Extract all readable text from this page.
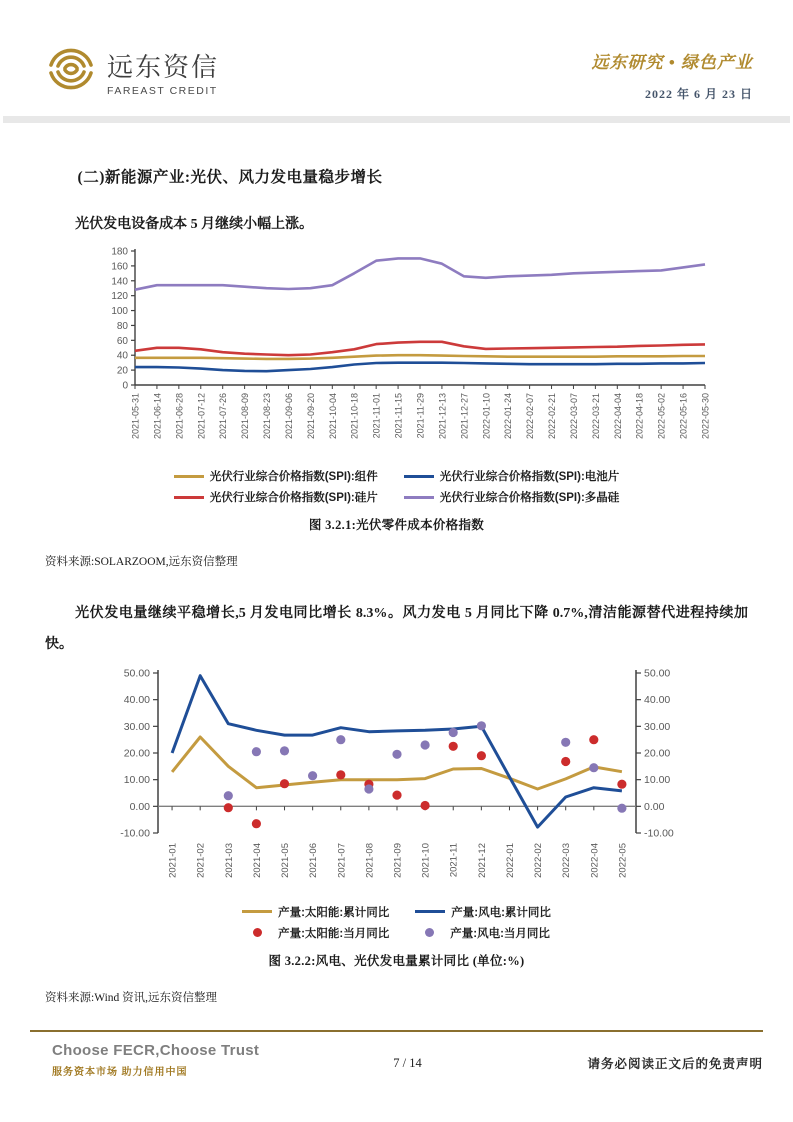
远东资信
FAREAST CREDIT
远东研究 • 绿色产业
2022 年 6 月 23 日
(二)新能源产业:光伏、风力发电量稳步增长

光伏发电设备成本 5 月继续小幅上涨。

0
20
40
60
80
100
120
140
160
180
2021-05-31 2021-06-14 2021-06-28 2021-07-12 2021-07-26 2021-08-09 2021-08-23 2021-09-06 2021-09-20 2021-10-04 2021-10-18 2021-11-01 2021-11-15 2021-11-29 2021-12-13 2021-12-27 2022-01-10 2022-01-24 2022-02-07 2022-02-21 2022-03-07 2022-03-21 2022-04-04 2022-04-18 2022-05-02 2022-05-16 2022-05-30
光伏行业综合价格指数(SPI):组件	光伏行业综合价格指数(SPI):电池片
光伏行业综合价格指数(SPI):硅片	光伏行业综合价格指数(SPI):多晶硅
图 3.2.1:光伏零件成本价格指数

资料来源:SOLARZOOM,远东资信整理

光伏发电量继续平稳增长,5 月发电同比增长 8.3%。风力发电 5 月同比下降 0.7%,清洁能源替代进程持续加快。

50.00	50.00
40.00	40.00
30.00	30.00
20.00	20.00
10.00	10.00
0.00	0.00
-10.00	-10.00
2021-01 2021-02 2021-03 2021-04 2021-05 2021-06 2021-07 2021-08 2021-09 2021-10 2021-11 2021-12 2022-01 2022-02 2022-03 2022-04 2022-05
产量:太阳能:累计同比	产量:风电:累计同比
产量:太阳能:当月同比	产量:风电:当月同比
图 3.2.2:风电、光伏发电量累计同比 (单位:%)

资料来源:Wind 资讯,远东资信整理

Choose FECR,Choose Trust
服务资本市场 助力信用中国
7 / 14	请务必阅读正文后的免责声明
